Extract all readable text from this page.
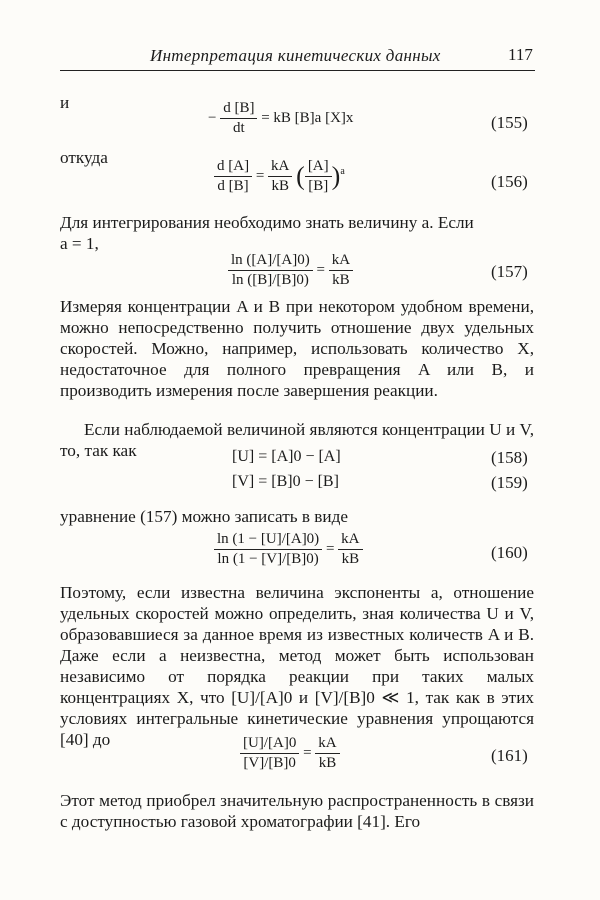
Интерпретация кинетических данных	117
и
− $\frac{d [B]}{dt}$ = kB [B]a [X]x	(155)
откуда
$\frac{d [A]}{d [B]} = \frac{kA}{kB}$ ( $\frac{[A]}{[B]} )^a$
(156)
Для интегрирования необходимо знать величину a. Если
a = 1,
$\frac{\ln ([A]/[A]0)}{\ln ([B]/[B]0)} = \frac{kA}{kB}$	(157)
Измеряя концентрации A и B при некотором удобном времени, можно непосредственно получить отношение двух удельных скоростей. Можно, например, использовать количество X, недостаточное для полного превращения A или B, и производить измерения после завершения реакции.
Если наблюдаемой величиной являются концентрации U и V, то, так как	[U] = [A]0 − [A]	(158)
[V] = [B]0 − [B]	(159)
уравнение (157) можно записать в виде
$\frac{\ln (1 - [U]/[A]0)}{\ln (1 - [V]/[B]0)} = \frac{kA}{kB}$	(160)
Поэтому, если известна величина экспоненты a, отношение удельных скоростей можно определить, зная количества U и V, образовавшиеся за данное время из известных количеств A и B. Даже если a неизвестна, метод может быть использован независимо от порядка реакции при таких малых концентрациях X, что [U]/[A]0 и [V]/[B]0 ≪ 1, так как в этих условиях интегральные кинетические уравнения упрощаются [40] до	$\frac{[U]/[A]0}{[V]/[B]0} = \frac{kA}{kB}$	(161)
Этот метод приобрел значительную распространенность в связи с доступностью газовой хроматографии [41]. Его
